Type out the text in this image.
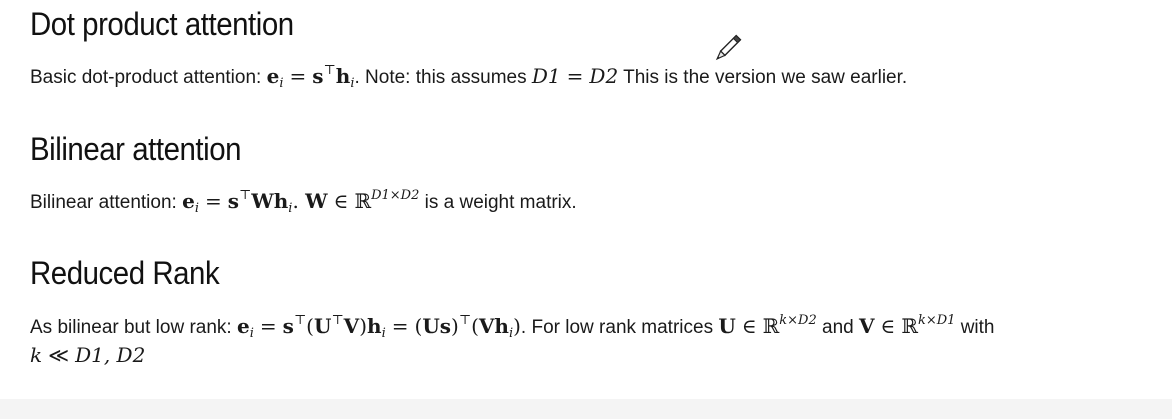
Dot product attention
Basic dot-product attention: $e_i = s^⊤h_i$. Note: this assumes D1 = D2 This is the version we saw earlier.
Bilinear attention
Bilinear attention: $e_i = s^⊤Wh_i$. W ∈ ℝ$^{D1\times D2}$ is a weight matrix.
Reduced Rank
As bilinear but low rank: $e_i = s^⊤(U^⊤V)h_i = (Us)^⊤(Vh_i)$. For low rank matrices U ∈ ℝ$^{k\times D2}$ and V ∈ ℝ$^{k\times D1}$ with
k ≪ D1, D2
